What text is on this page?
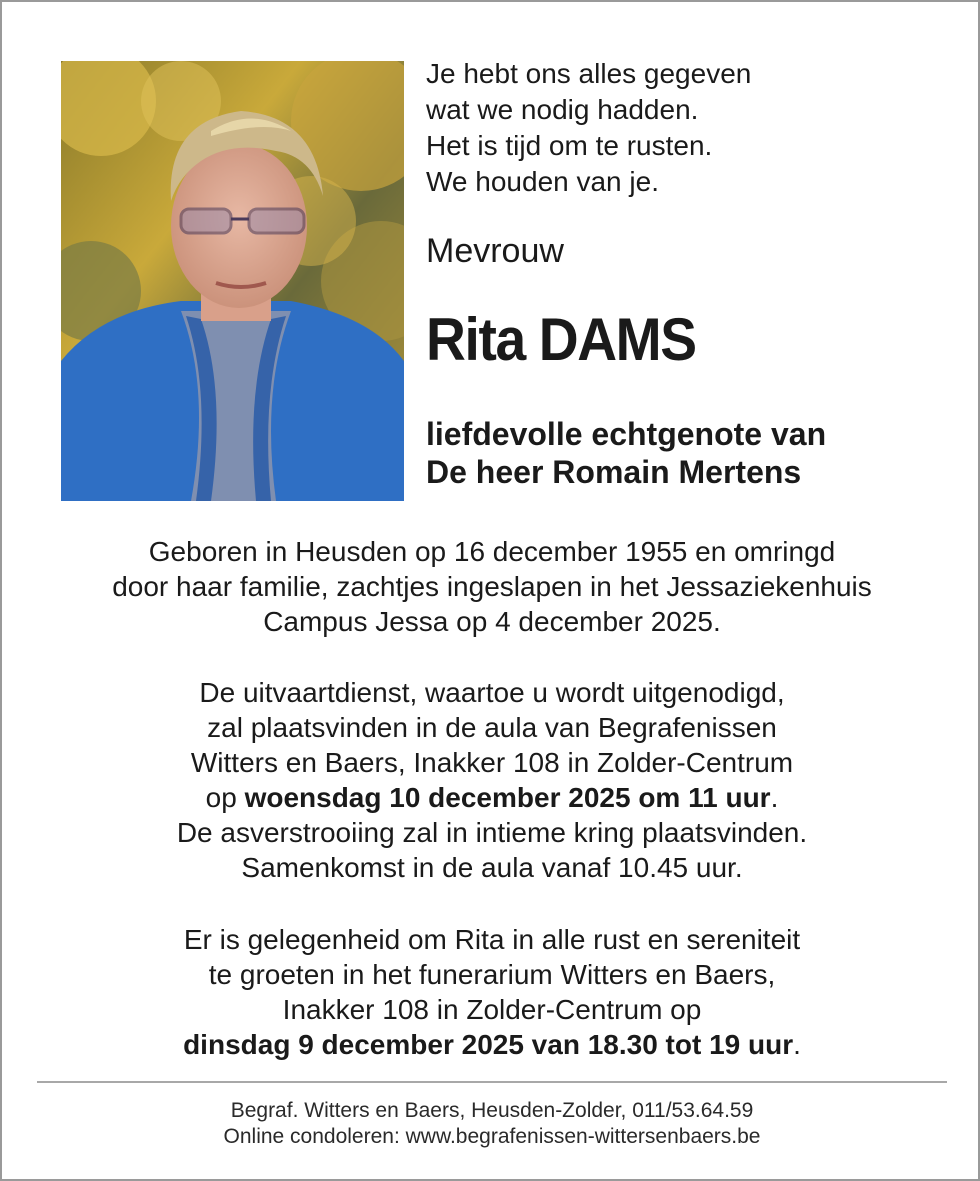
Je hebt ons alles gegeven
wat we nodig hadden.
Het is tijd om te rusten.
We houden van je.
Mevrouw
Rita DAMS
liefdevolle echtgenote van
De heer Romain Mertens
Geboren in Heusden op 16 december 1955 en omringd
door haar familie, zachtjes ingeslapen in het Jessaziekenhuis
Campus Jessa op 4 december 2025.
De uitvaartdienst, waartoe u wordt uitgenodigd,
zal plaatsvinden in de aula van Begrafenissen
Witters en Baers, Inakker 108 in Zolder-Centrum
op woensdag 10 december 2025 om 11 uur.
De asverstrooiing zal in intieme kring plaatsvinden.
Samenkomst in de aula vanaf 10.45 uur.
Er is gelegenheid om Rita in alle rust en sereniteit
te groeten in het funerarium Witters en Baers,
Inakker 108 in Zolder-Centrum op
dinsdag 9 december 2025 van 18.30 tot 19 uur.
Begraf. Witters en Baers, Heusden-Zolder, 011/53.64.59
Online condoleren: www.begrafenissen-wittersenbaers.be
